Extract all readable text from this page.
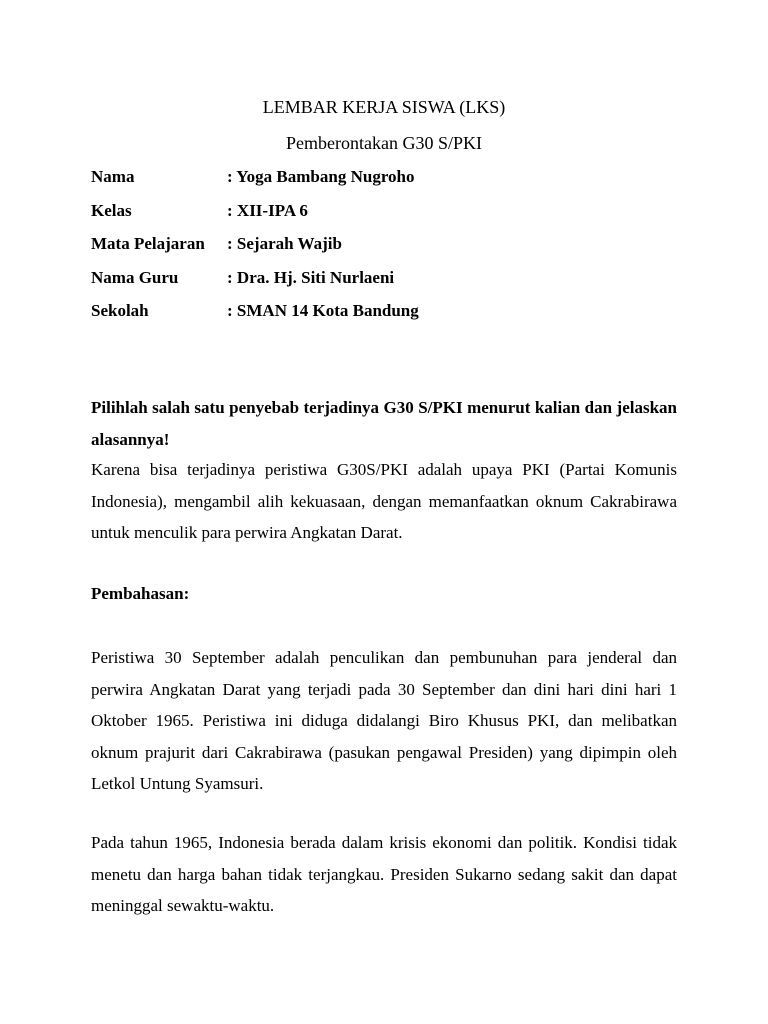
LEMBAR KERJA SISWA (LKS)
Pemberontakan G30 S/PKI
Nama	: Yoga Bambang Nugroho
Kelas	: XII-IPA 6
Mata Pelajaran	: Sejarah Wajib
Nama Guru	: Dra. Hj. Siti Nurlaeni
Sekolah	: SMAN 14 Kota Bandung
Pilihlah salah satu penyebab terjadinya G30 S/PKI menurut kalian dan jelaskan alasannya!
Karena bisa terjadinya peristiwa G30S/PKI adalah upaya PKI (Partai Komunis Indonesia), mengambil alih kekuasaan, dengan memanfaatkan oknum Cakrabirawa untuk menculik para perwira Angkatan Darat.
Pembahasan:
Peristiwa 30 September adalah penculikan dan pembunuhan para jenderal dan perwira Angkatan Darat yang terjadi pada 30 September dan dini hari dini hari 1 Oktober 1965. Peristiwa ini diduga didalangi Biro Khusus PKI, dan melibatkan oknum prajurit dari Cakrabirawa (pasukan pengawal Presiden) yang dipimpin oleh Letkol Untung Syamsuri.
Pada tahun 1965, Indonesia berada dalam krisis ekonomi dan politik. Kondisi tidak menetu dan harga bahan tidak terjangkau. Presiden Sukarno sedang sakit dan dapat meninggal sewaktu-waktu.
